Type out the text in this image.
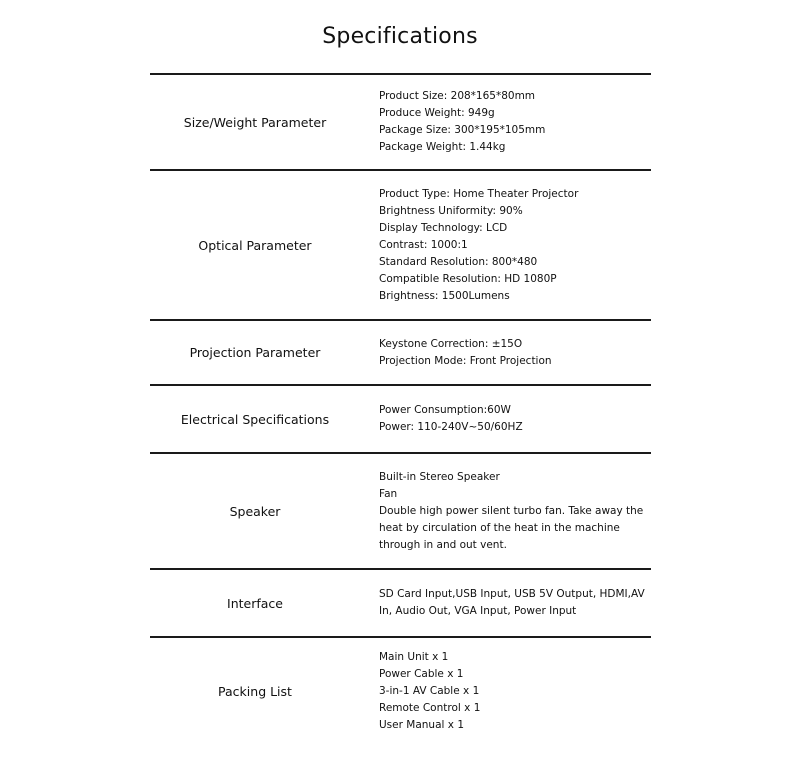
Specifications
Size/Weight Parameter
Product Size: 208*165*80mm
Produce Weight: 949g
Package Size: 300*195*105mm
Package Weight: 1.44kg
Optical Parameter
Product Type: Home Theater Projector
Brightness Uniformity: 90%
Display Technology: LCD
Contrast: 1000:1
Standard Resolution: 800*480
Compatible Resolution: HD 1080P
Brightness: 1500Lumens
Projection Parameter
Keystone Correction: ±15O
Projection Mode: Front Projection
Electrical Specifications
Power Consumption:60W
Power: 110-240V~50/60HZ
Speaker
Built-in Stereo Speaker
Fan
Double high power silent turbo fan. Take away the heat by circulation of the heat in the machine through in and out vent.
Interface
SD Card Input,USB Input, USB 5V Output, HDMI,AV In, Audio Out, VGA Input, Power Input
Packing List
Main Unit x 1
Power Cable x 1
3-in-1 AV Cable x 1
Remote Control x 1
User Manual x 1
